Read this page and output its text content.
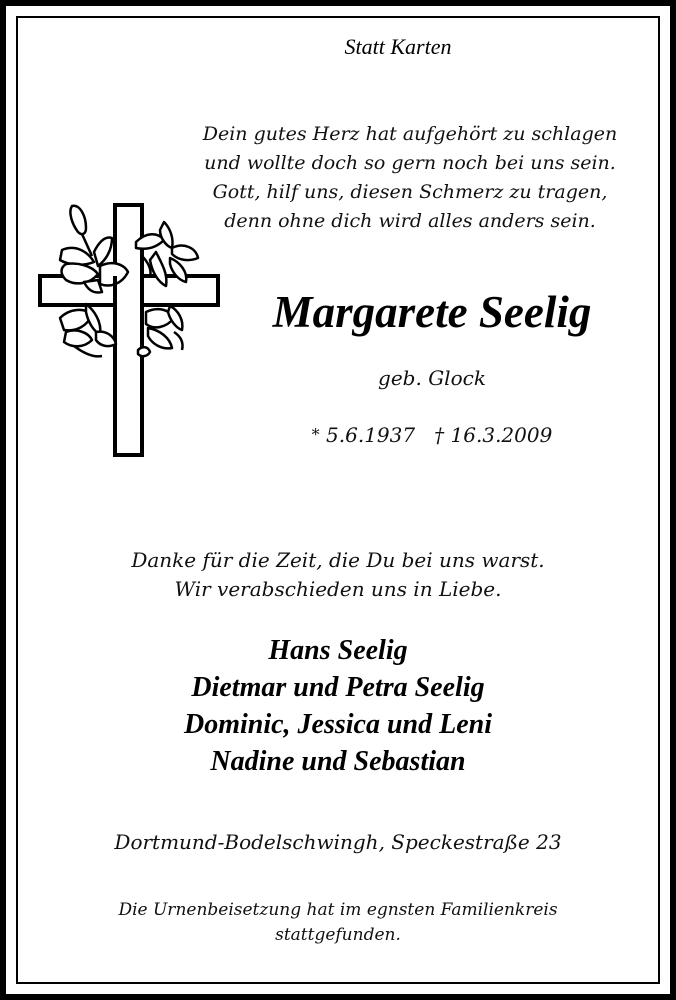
Statt Karten
Dein gutes Herz hat aufgehört zu schlagen
und wollte doch so gern noch bei uns sein.
Gott, hilf uns, diesen Schmerz zu tragen,
denn ohne dich wird alles anders sein.
Margarete Seelig
geb. Glock
* 5.6.1937 † 16.3.2009
Danke für die Zeit, die Du bei uns warst.
Wir verabschieden uns in Liebe.
Hans Seelig
Dietmar und Petra Seelig
Dominic, Jessica und Leni
Nadine und Sebastian
Dortmund-Bodelschwingh, Speckestraße 23
Die Urnenbeisetzung hat im egnsten Familienkreis
stattgefunden.
